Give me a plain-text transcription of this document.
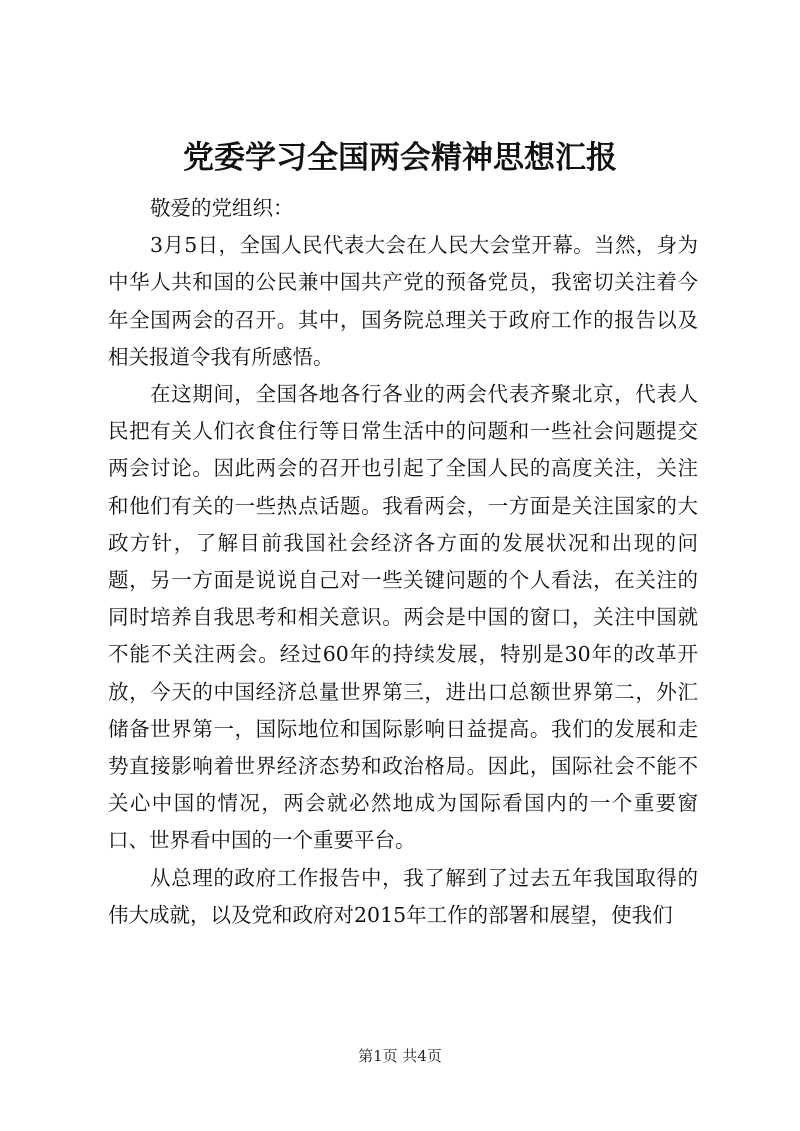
党委学习全国两会精神思想汇报

敬爱的党组织：

3月5日，全国人民代表大会在人民大会堂开幕。当然，身为中华人共和国的公民兼中国共产党的预备党员，我密切关注着今年全国两会的召开。其中，国务院总理关于政府工作的报告以及相关报道令我有所感悟。

在这期间，全国各地各行各业的两会代表齐聚北京，代表人民把有关人们衣食住行等日常生活中的问题和一些社会问题提交两会讨论。因此两会的召开也引起了全国人民的高度关注，关注和他们有关的一些热点话题。我看两会，一方面是关注国家的大政方针，了解目前我国社会经济各方面的发展状况和出现的问题，另一方面是说说自己对一些关键问题的个人看法，在关注的同时培养自我思考和相关意识。两会是中国的窗口，关注中国就不能不关注两会。经过60年的持续发展，特别是30年的改革开放，今天的中国经济总量世界第三，进出口总额世界第二，外汇储备世界第一，国际地位和国际影响日益提高。我们的发展和走势直接影响着世界经济态势和政治格局。因此，国际社会不能不关心中国的情况，两会就必然地成为国际看国内的一个重要窗口、世界看中国的一个重要平台。

从总理的政府工作报告中，我了解到了过去五年我国取得的伟大成就，以及党和政府对2015年工作的部署和展望，使我们

第1页 共4页
